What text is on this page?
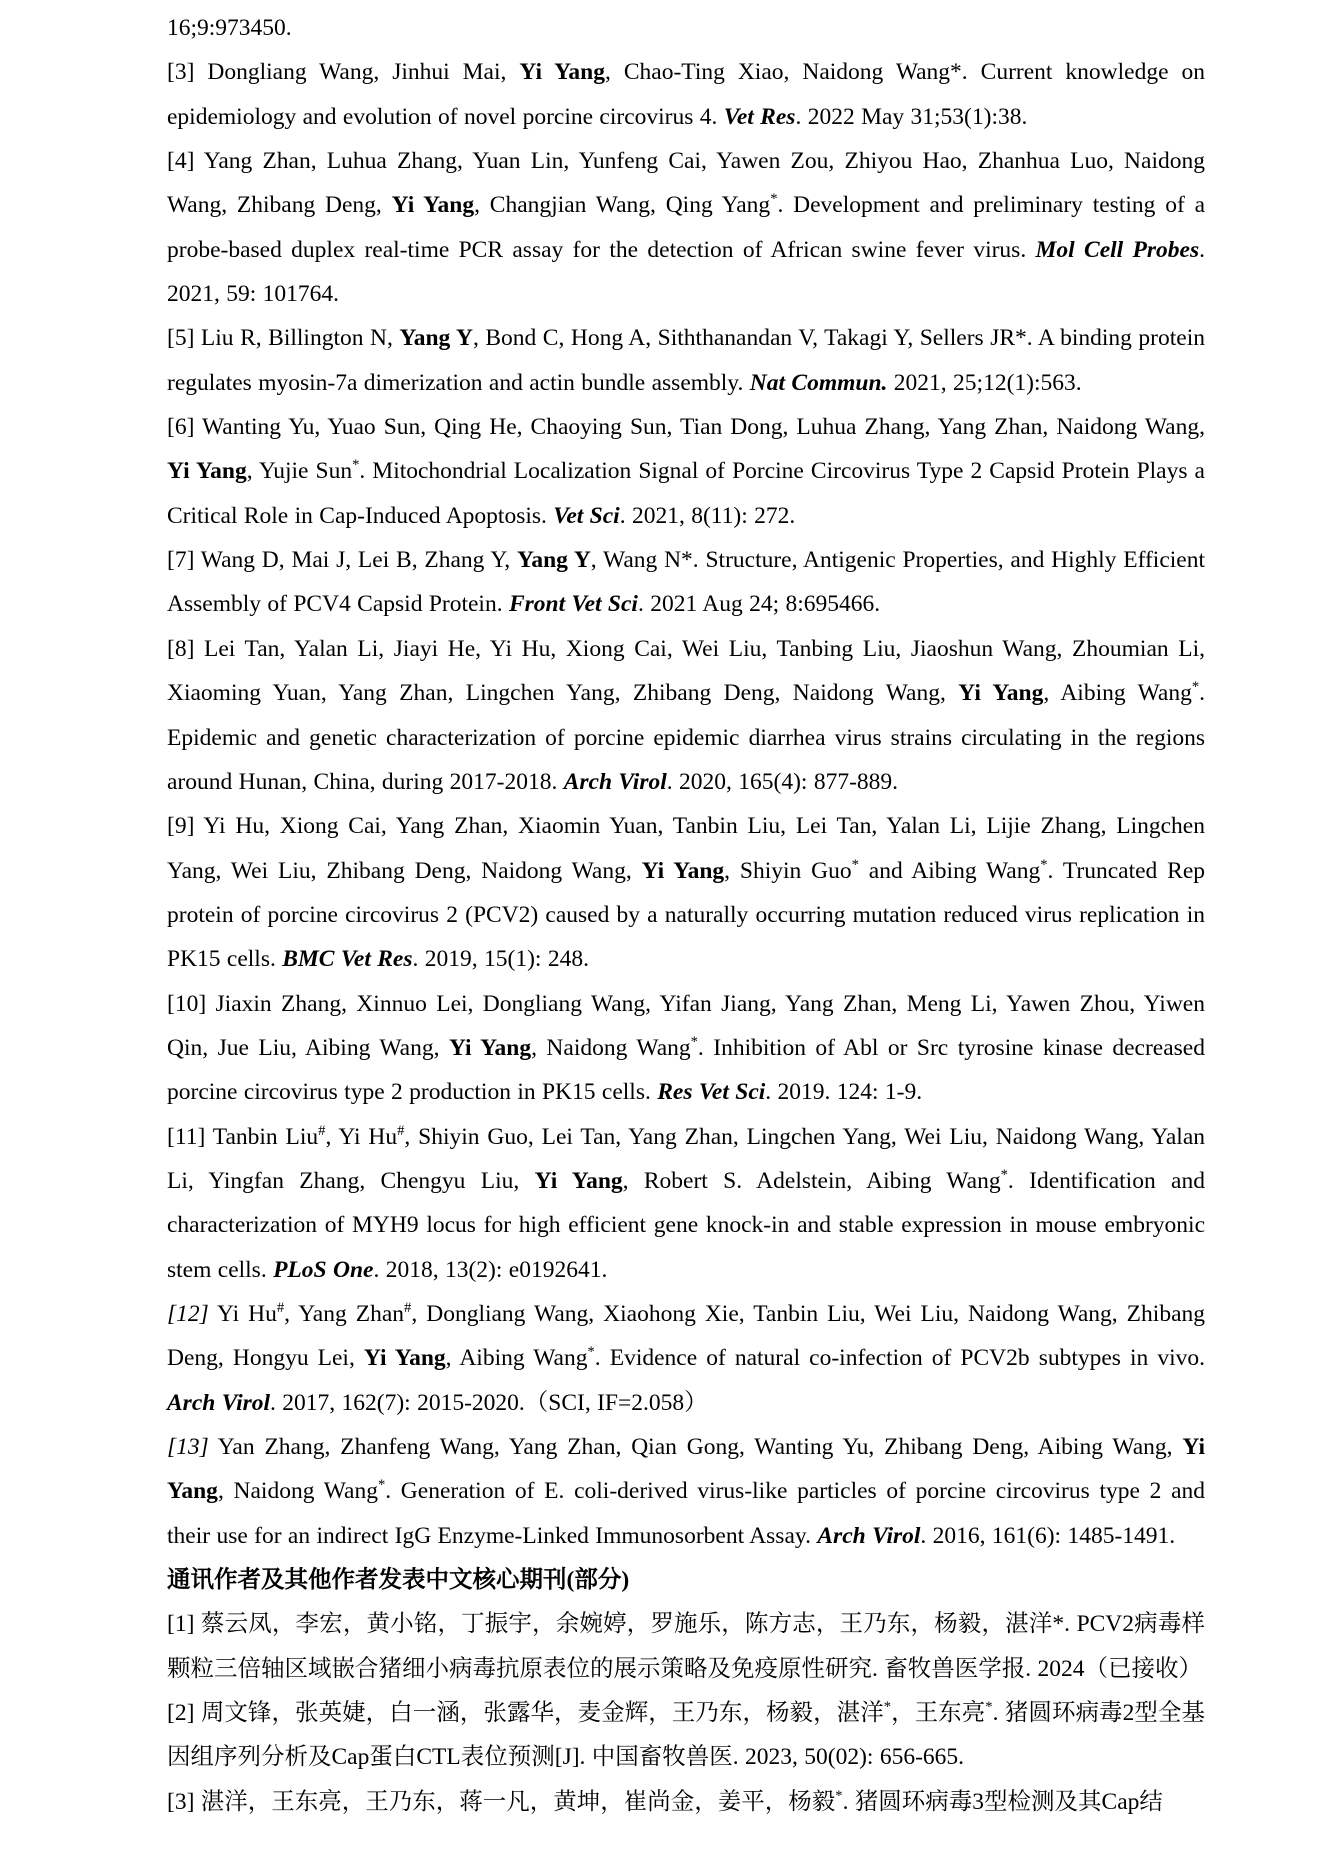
16;9:973450.

[3] Dongliang Wang, Jinhui Mai, Yi Yang, Chao-Ting Xiao, Naidong Wang*. Current knowledge on epidemiology and evolution of novel porcine circovirus 4. Vet Res. 2022 May 31;53(1):38.

[4] Yang Zhan, Luhua Zhang, Yuan Lin, Yunfeng Cai, Yawen Zou, Zhiyou Hao, Zhanhua Luo, Naidong Wang, Zhibang Deng, Yi Yang, Changjian Wang, Qing Yang*. Development and preliminary testing of a probe-based duplex real-time PCR assay for the detection of African swine fever virus. Mol Cell Probes. 2021, 59: 101764.

[5] Liu R, Billington N, Yang Y, Bond C, Hong A, Siththanandan V, Takagi Y, Sellers JR*. A binding protein regulates myosin-7a dimerization and actin bundle assembly. Nat Commun. 2021, 25;12(1):563.

[6] Wanting Yu, Yuao Sun, Qing He, Chaoying Sun, Tian Dong, Luhua Zhang, Yang Zhan, Naidong Wang, Yi Yang, Yujie Sun*. Mitochondrial Localization Signal of Porcine Circovirus Type 2 Capsid Protein Plays a Critical Role in Cap-Induced Apoptosis. Vet Sci. 2021, 8(11): 272.

[7] Wang D, Mai J, Lei B, Zhang Y, Yang Y, Wang N*. Structure, Antigenic Properties, and Highly Efficient Assembly of PCV4 Capsid Protein. Front Vet Sci. 2021 Aug 24; 8:695466.

[8] Lei Tan, Yalan Li, Jiayi He, Yi Hu, Xiong Cai, Wei Liu, Tanbing Liu, Jiaoshun Wang, Zhoumian Li, Xiaoming Yuan, Yang Zhan, Lingchen Yang, Zhibang Deng, Naidong Wang, Yi Yang, Aibing Wang*. Epidemic and genetic characterization of porcine epidemic diarrhea virus strains circulating in the regions around Hunan, China, during 2017-2018. Arch Virol. 2020, 165(4): 877-889.

[9] Yi Hu, Xiong Cai, Yang Zhan, Xiaomin Yuan, Tanbin Liu, Lei Tan, Yalan Li, Lijie Zhang, Lingchen Yang, Wei Liu, Zhibang Deng, Naidong Wang, Yi Yang, Shiyin Guo* and Aibing Wang*. Truncated Rep protein of porcine circovirus 2 (PCV2) caused by a naturally occurring mutation reduced virus replication in PK15 cells. BMC Vet Res. 2019, 15(1): 248.

[10] Jiaxin Zhang, Xinnuo Lei, Dongliang Wang, Yifan Jiang, Yang Zhan, Meng Li, Yawen Zhou, Yiwen Qin, Jue Liu, Aibing Wang, Yi Yang, Naidong Wang*. Inhibition of Abl or Src tyrosine kinase decreased porcine circovirus type 2 production in PK15 cells. Res Vet Sci. 2019. 124: 1-9.

[11] Tanbin Liu#, Yi Hu#, Shiyin Guo, Lei Tan, Yang Zhan, Lingchen Yang, Wei Liu, Naidong Wang, Yalan Li, Yingfan Zhang, Chengyu Liu, Yi Yang, Robert S. Adelstein, Aibing Wang*. Identification and characterization of MYH9 locus for high efficient gene knock-in and stable expression in mouse embryonic stem cells. PLoS One. 2018, 13(2): e0192641.

[12] Yi Hu#, Yang Zhan#, Dongliang Wang, Xiaohong Xie, Tanbin Liu, Wei Liu, Naidong Wang, Zhibang Deng, Hongyu Lei, Yi Yang, Aibing Wang*. Evidence of natural co-infection of PCV2b subtypes in vivo. Arch Virol. 2017, 162(7): 2015-2020.（SCI, IF=2.058）

[13] Yan Zhang, Zhanfeng Wang, Yang Zhan, Qian Gong, Wanting Yu, Zhibang Deng, Aibing Wang, Yi Yang, Naidong Wang*. Generation of E. coli-derived virus-like particles of porcine circovirus type 2 and their use for an indirect IgG Enzyme-Linked Immunosorbent Assay. Arch Virol. 2016, 161(6): 1485-1491.

通讯作者及其他作者发表中文核心期刊(部分)

[1] 蔡云凤，李宏，黄小铭，丁振宇，余婉婷，罗施乐，陈方志，王乃东，杨毅，湛洋*. PCV2病毒样颗粒三倍轴区域嵌合猪细小病毒抗原表位的展示策略及免疫原性研究. 畜牧兽医学报. 2024（已接收）

[2] 周文锋，张英婕，白一涵，张露华，麦金辉，王乃东，杨毅，湛洋*，王东亮*. 猪圆环病毒2型全基因组序列分析及Cap蛋白CTL表位预测[J]. 中国畜牧兽医. 2023, 50(02): 656-665.

[3] 湛洋，王东亮，王乃东，蒋一凡，黄坤，崔尚金，姜平，杨毅*. 猪圆环病毒3型检测及其Cap结
